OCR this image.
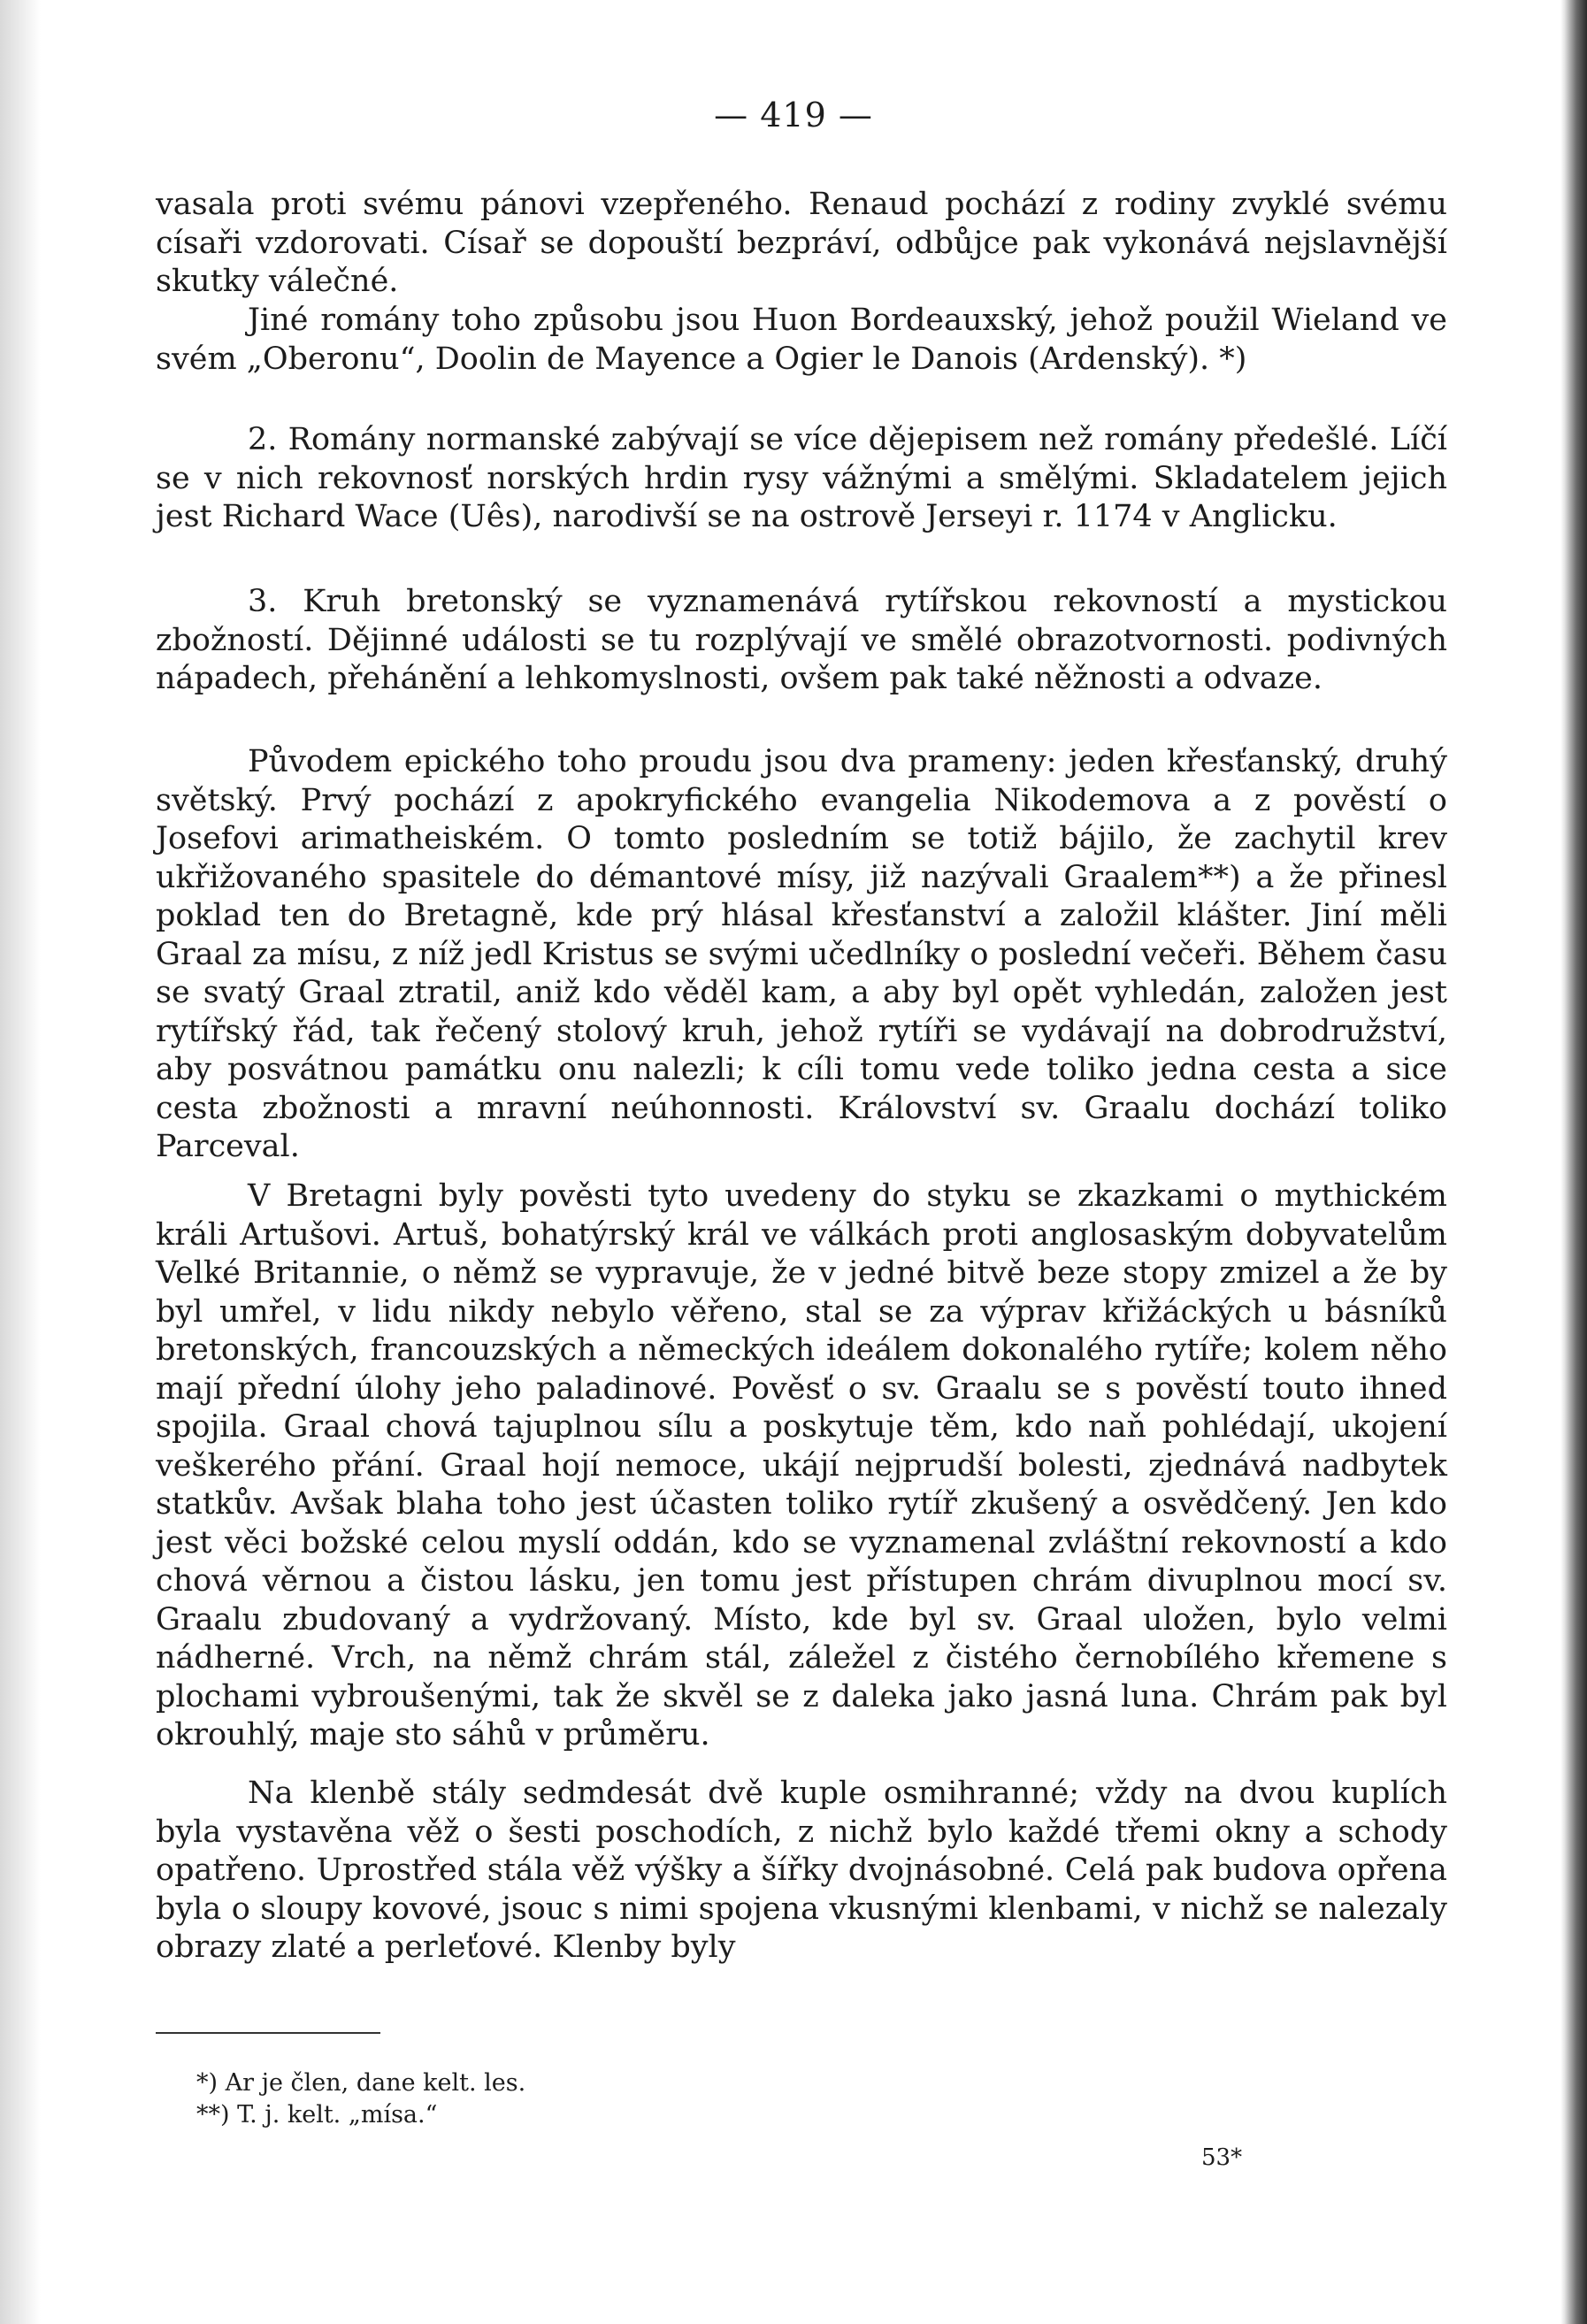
— 419 —

vasala proti svému pánovi vzepřeného. Renaud pochází z rodiny zvyklé svému císaři vzdorovati. Císař se dopouští bezpráví, odbůjce pak vykonává nejslavnější skutky válečné.

Jiné romány toho způsobu jsou Huon Bordeauxský, jehož použil Wieland ve svém „Oberonu“, Doolin de Mayence a Ogier le Danois (Ardenský). *)

2. Romány normanské zabývají se více dějepisem než romány předešlé. Líčí se v nich rekovnosť norských hrdin rysy vážnými a smělými. Skladatelem jejich jest Richard Wace (Uês), narodivší se na ostrově Jerseyi r. 1174 v Anglicku.

3. Kruh bretonský se vyznamenává rytířskou rekovností a mystickou zbožností. Dějinné události se tu rozplývají ve smělé obrazotvornosti. podivných nápadech, přehánění a lehkomyslnosti, ovšem pak také něžnosti a odvaze.

Původem epického toho proudu jsou dva prameny: jeden křesťanský, druhý světský. Prvý pochází z apokryfického evangelia Nikodemova a z pověstí o Josefovi arimatheiském. O tomto posledním se totiž bájilo, že zachytil krev ukřižovaného spasitele do démantové mísy, již nazývali Graalem**) a že přinesl poklad ten do Bretagně, kde prý hlásal křesťanství a založil klášter. Jiní měli Graal za mísu, z níž jedl Kristus se svými učedlníky o poslední večeři. Během času se svatý Graal ztratil, aniž kdo věděl kam, a aby byl opět vyhledán, založen jest rytířský řád, tak řečený stolový kruh, jehož rytíři se vydávají na dobrodružství, aby posvátnou památku onu nalezli; k cíli tomu vede toliko jedna cesta a sice cesta zbožnosti a mravní neúhonnosti. Království sv. Graalu dochází toliko Parceval.

V Bretagni byly pověsti tyto uvedeny do styku se zkazkami o mythickém králi Artušovi. Artuš, bohatýrský král ve válkách proti anglosaským dobyvatelům Velké Britannie, o němž se vypravuje, že v jedné bitvě beze stopy zmizel a že by byl umřel, v lidu nikdy nebylo věřeno, stal se za výprav křižáckých u básníků bretonských, francouzských a německých ideálem dokonalého rytíře; kolem něho mají přední úlohy jeho paladinové. Pověsť o sv. Graalu se s pověstí touto ihned spojila. Graal chová tajuplnou sílu a poskytuje těm, kdo naň pohlédají, ukojení veškerého přání. Graal hojí nemoce, ukájí nejprudší bolesti, zjednává nadbytek statkův. Avšak blaha toho jest účasten toliko rytíř zkušený a osvědčený. Jen kdo jest věci božské celou myslí oddán, kdo se vyznamenal zvláštní rekovností a kdo chová věrnou a čistou lásku, jen tomu jest přístupen chrám divuplnou mocí sv. Graalu zbudovaný a vydržovaný. Místo, kde byl sv. Graal uložen, bylo velmi nádherné. Vrch, na němž chrám stál, záležel z čistého černobílého křemene s plochami vybroušenými, tak že skvěl se z daleka jako jasná luna. Chrám pak byl okrouhlý, maje sto sáhů v průměru.

Na klenbě stály sedmdesát dvě kuple osmihranné; vždy na dvou kuplích byla vystavěna věž o šesti poschodích, z nichž bylo každé třemi okny a schody opatřeno. Uprostřed stála věž výšky a šířky dvojnásobné. Celá pak budova opřena byla o sloupy kovové, jsouc s nimi spojena vkusnými klenbami, v nichž se nalezaly obrazy zlaté a perleťové. Klenby byly

*) Ar je člen, dane kelt. les.
**) T. j. kelt. „mísa.“
53*
